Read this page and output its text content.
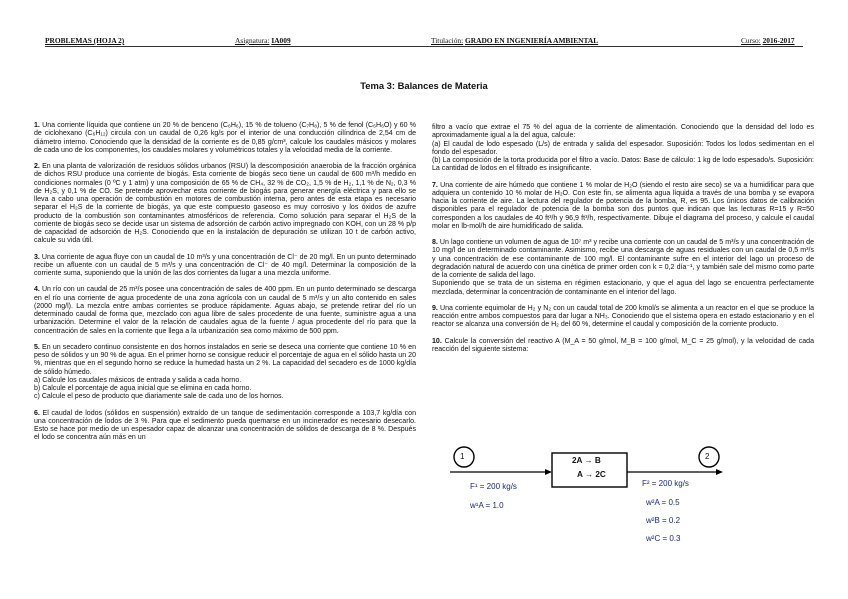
PROBLEMAS (HOJA 2)	Asignatura: IA009	Titulación: GRADO EN INGENIERÍA AMBIENTAL	Curso: 2016-2017
Tema 3: Balances de Materia

1. Una corriente líquida que contiene un 20 % de benceno (C₆H₆), 15 % de tolueno (C₇H₈), 5 % de fenol (C₆H₆O) y 60 % de ciclohexano (C₆H₁₂) circula con un caudal de 0,26 kg/s por el interior de una conducción cilíndrica de 2,54 cm de diámetro interno. Conociendo que la densidad de la corriente es de 0,85 g/cm³, calcule los caudales másicos y molares de cada uno de los componentes, los caudales molares y volumétricos totales y la velocidad media de la corriente.

2. En una planta de valorización de residuos sólidos urbanos (RSU) la descomposición anaerobia de la fracción orgánica de dichos RSU produce una corriente de biogás. Esta corriente de biogás seco tiene un caudal de 600 m³/h medido en condiciones normales (0 ºC y 1 atm) y una composición de 65 % de CH₄, 32 % de CO₂, 1,5 % de H₂, 1,1 % de N₂, 0,3 % de H₂S, y 0,1 % de CO. Se pretende aprovechar esta corriente de biogás para generar energía eléctrica y para ello se lleva a cabo una operación de combustión en motores de combustión interna, pero antes de esta etapa es necesario separar el H₂S de la corriente de biogás, ya que este compuesto gaseoso es muy corrosivo y los óxidos de azufre producto de la combustión son contaminantes atmosféricos de referencia. Como solución para separar el H₂S de la corriente de biogás seco se decide usar un sistema de adsorción de carbón activo impregnado con KOH, con un 28 % p/p de capacidad de adsorción de H₂S. Conociendo que en la instalación de depuración se utilizan 10 t de carbón activo, calcule su vida útil.

3. Una corriente de agua fluye con un caudal de 10 m³/s y una concentración de Cl⁻ de 20 mg/l. En un punto determinado recibe un afluente con un caudal de 5 m³/s y una concentración de Cl⁻ de 40 mg/l. Determinar la composición de la corriente suma, suponiendo que la unión de las dos corrientes da lugar a una mezcla uniforme.

4. Un río con un caudal de 25 m³/s posee una concentración de sales de 400 ppm. En un punto determinado se descarga en el río una corriente de agua procedente de una zona agrícola con un caudal de 5 m³/s y un alto contenido en sales (2000 mg/l). La mezcla entre ambas corrientes se produce rápidamente. Aguas abajo, se pretende retirar del río un determinado caudal de forma que, mezclado con agua libre de sales procedente de una fuente, suministre agua a una urbanización. Determine el valor de la relación de caudales agua de la fuente / agua procedente del río para que la concentración de sales en la corriente que llega a la urbanización sea como máximo de 500 ppm.

5. En un secadero continuo consistente en dos hornos instalados en serie se deseca una corriente que contiene 10 % en peso de sólidos y un 90 % de agua. En el primer horno se consigue reducir el porcentaje de agua en el sólido hasta un 20 %, mientras que en el segundo horno se reduce la humedad hasta un 2 %. La capacidad del secadero es de 1000 kg/día de sólido húmedo.
a) Calcule los caudales másicos de entrada y salida a cada horno.
b) Calcule el porcentaje de agua inicial que se elimina en cada horno.
c) Calcule el peso de producto que diariamente sale de cada uno de los hornos.

6. El caudal de lodos (sólidos en suspensión) extraído de un tanque de sedimentación corresponde a 103,7 kg/día con una concentración de lodos de 3 %. Para que el sedimento pueda quemarse en un incinerador es necesario desecarlo. Esto se hace por medio de un espesador capaz de alcanzar una concentración de sólidos de descarga de 8 %. Después el lodo se concentra aún más en un

filtro a vacío que extrae el 75 % del agua de la corriente de alimentación. Conociendo que la densidad del lodo es aproximadamente igual a la del agua, calcule:
(a) El caudal de lodo espesado (L/s) de entrada y salida del espesador. Suposición: Todos los lodos sedimentan en el fondo del espesador.
(b) La composición de la torta producida por el filtro a vacío. Datos: Base de cálculo: 1 kg de lodo espesado/s. Suposición: La cantidad de lodos en el filtrado es insignificante.

7. Una corriente de aire húmedo que contiene 1 % molar de H₂O (siendo el resto aire seco) se va a humidificar para que adquiera un contenido 10 % molar de H₂O. Con este fin, se alimenta agua líquida a través de una bomba y se evapora hacia la corriente de aire. La lectura del regulador de potencia de la bomba, R, es 95. Los únicos datos de calibración disponibles para el regulador de potencia de la bomba son dos puntos que indican que las lecturas R=15 y R=50 corresponden a los caudales de 40 ft³/h y 96,9 ft³/h, respectivamente. Dibuje el diagrama del proceso, y calcule el caudal molar en lb-mol/h de aire humidificado de salida.

8. Un lago contiene un volumen de agua de 10⁷ m³ y recibe una corriente con un caudal de 5 m³/s y una concentración de 10 mg/l de un determinado contaminante. Asimismo, recibe una descarga de aguas residuales con un caudal de 0,5 m³/s y una concentración de ese contaminante de 100 mg/l. El contaminante sufre en el interior del lago un proceso de degradación natural de acuerdo con una cinética de primer orden con k = 0,2 día⁻¹, y también sale del mismo como parte de la corriente de salida del lago.
Suponiendo que se trata de un sistema en régimen estacionario, y que el agua del lago se encuentra perfectamente mezclada, determinar la concentración de contaminante en el interior del lago.

9. Una corriente equimolar de H₂ y N₂ con un caudal total de 200 kmol/s se alimenta a un reactor en el que se produce la reacción entre ambos compuestos para dar lugar a NH₃. Conociendo que el sistema opera en estado estacionario y en el reactor se alcanza una conversión de H₂ del 60 %, determine el caudal y composición de la corriente producto.

10. Calcule la conversión del reactivo A (M_A = 50 g/mol, M_B = 100 g/mol, M_C = 25 g/mol), y la velocidad de cada reacción del siguiente sistema:

1	2
2A → B
A → 2C
F¹ = 200 kg/s
w¹A = 1.0
F² = 200 kg/s
w²A = 0.5
w²B = 0.2
w²C = 0.3
